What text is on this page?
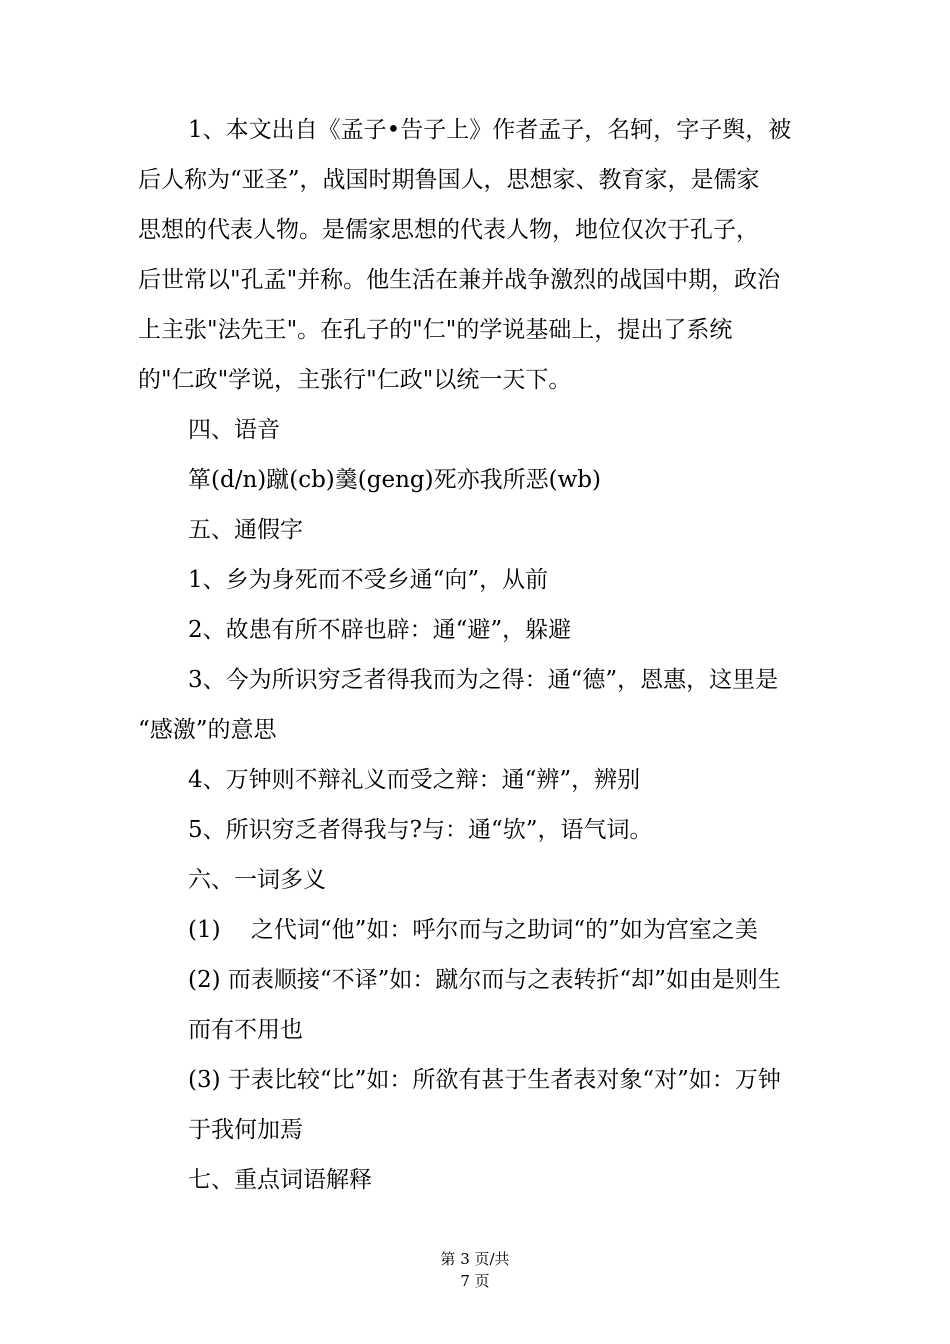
1、本文出自《孟子•告子上》作者孟子，名轲，字子舆，被

后人称为“亚圣”，战国时期鲁国人，思想家、教育家，是儒家

思想的代表人物。是儒家思想的代表人物，地位仅次于孔子，

后世常以"孔孟"并称。他生活在兼并战争激烈的战国中期，政治

上主张"法先王"。在孔子的"仁"的学说基础上，提出了系统

的"仁政"学说，主张行"仁政"以统一天下。

四、语音

箪(d/n)蹴(cb)羹(geng)死亦我所恶(wb)

五、通假字

1、乡为身死而不受乡通“向”，从前

2、故患有所不辟也辟：通“避”，躲避

3、今为所识穷乏者得我而为之得：通“德”，恩惠，这里是

“感激”的意思

4、万钟则不辩礼义而受之辩：通“辨”，辨别

5、所识穷乏者得我与?与：通“欤”，语气词。

六、一词多义

(1)　 之代词“他”如：呼尔而与之助词“的”如为宫室之美

(2) 而表顺接“不译”如：蹴尔而与之表转折“却”如由是则生

而有不用也

(3) 于表比较“比”如：所欲有甚于生者表对象“对”如：万钟

于我何加焉

七、重点词语解释

第 3 页/共
7 页
